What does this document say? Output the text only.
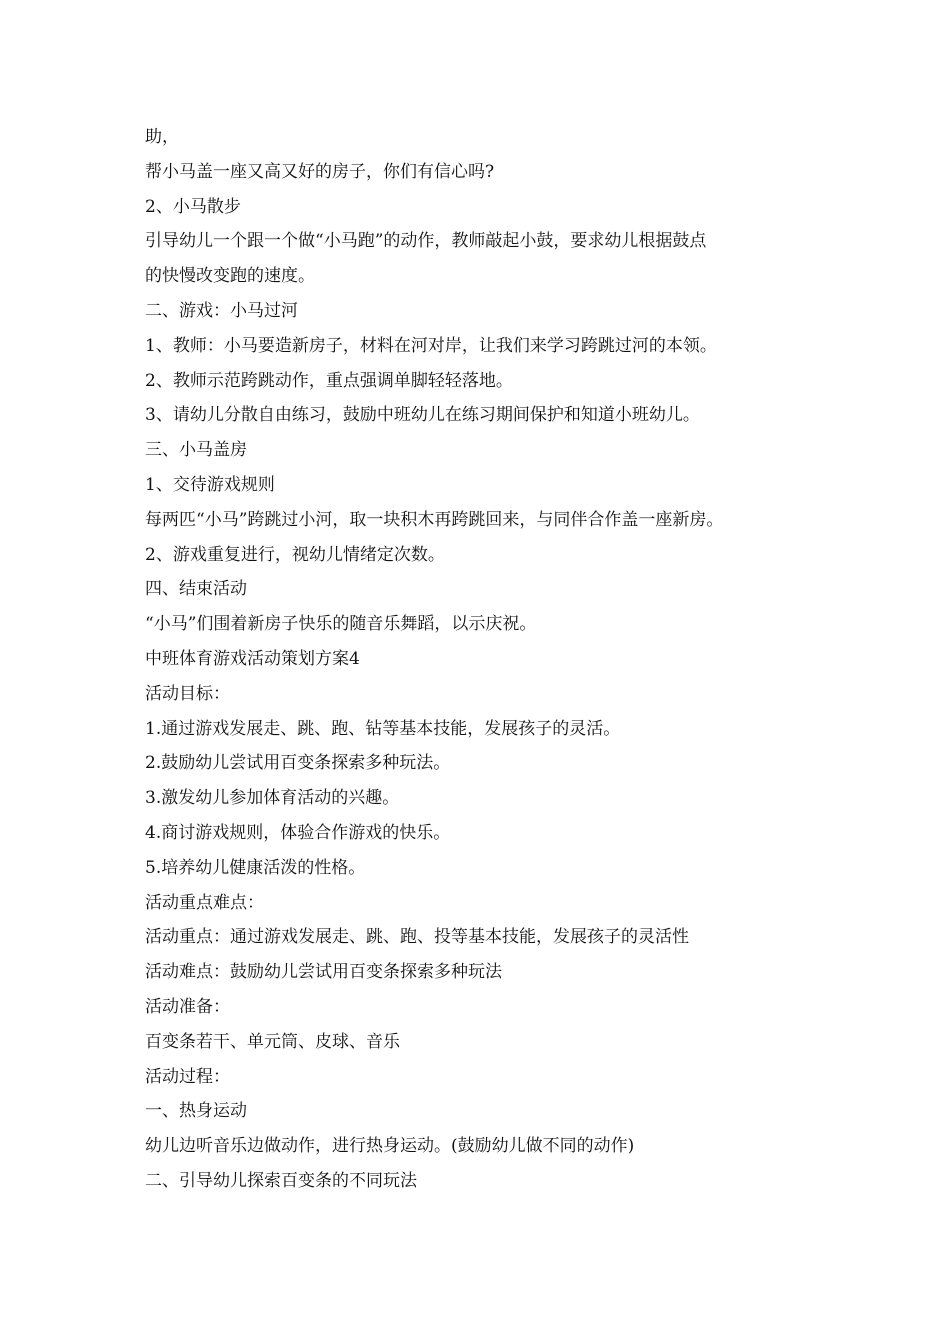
助，
帮小马盖一座又高又好的房子，你们有信心吗?
2、小马散步
引导幼儿一个跟一个做“小马跑”的动作，教师敲起小鼓，要求幼儿根据鼓点
的快慢改变跑的速度。
二、游戏：小马过河
1、教师：小马要造新房子，材料在河对岸，让我们来学习跨跳过河的本领。
2、教师示范跨跳动作，重点强调单脚轻轻落地。
3、请幼儿分散自由练习，鼓励中班幼儿在练习期间保护和知道小班幼儿。
三、小马盖房
1、交待游戏规则
每两匹“小马”跨跳过小河，取一块积木再跨跳回来，与同伴合作盖一座新房。
2、游戏重复进行，视幼儿情绪定次数。
四、结束活动
“小马”们围着新房子快乐的随音乐舞蹈，以示庆祝。
中班体育游戏活动策划方案4
活动目标：
1.通过游戏发展走、跳、跑、钻等基本技能，发展孩子的灵活。
2.鼓励幼儿尝试用百变条探索多种玩法。
3.激发幼儿参加体育活动的兴趣。
4.商讨游戏规则，体验合作游戏的快乐。
5.培养幼儿健康活泼的性格。
活动重点难点：
活动重点：通过游戏发展走、跳、跑、投等基本技能，发展孩子的灵活性
活动难点：鼓励幼儿尝试用百变条探索多种玩法
活动准备：
百变条若干、单元筒、皮球、音乐
活动过程：
一、热身运动
幼儿边听音乐边做动作，进行热身运动。(鼓励幼儿做不同的动作)
二、引导幼儿探索百变条的不同玩法
